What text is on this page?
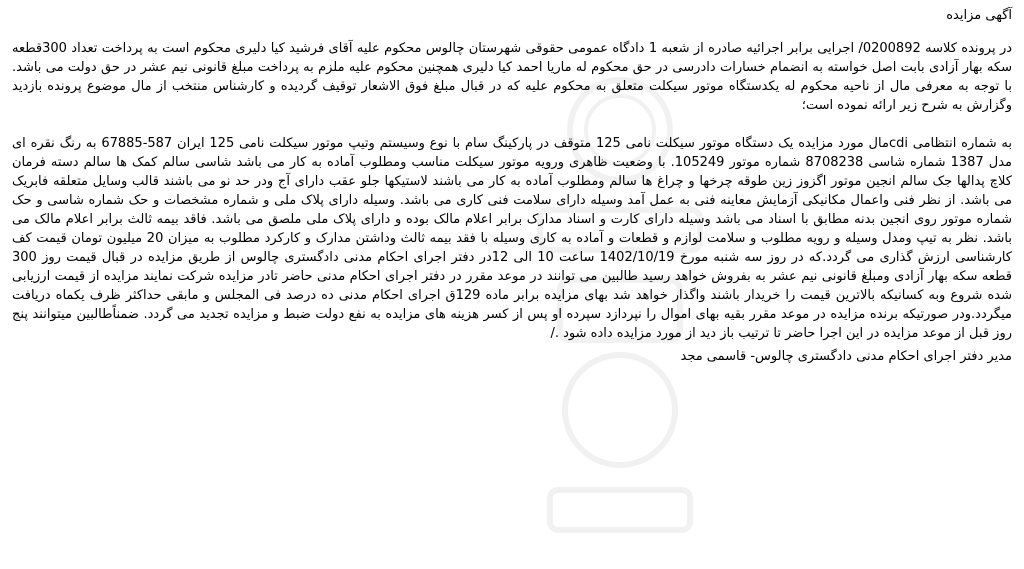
آگهی مزایده

در پرونده کلاسه 0200892/ اجرایی برابر اجرائیه صادره از شعبه 1 دادگاه عمومی حقوقی شهرستان چالوس محکوم علیه آقای فرشید کیا دلیری محکوم است به پرداخت تعداد 300قطعه سکه بهار آزادی بابت اصل خواسته به انضمام خسارات دادرسی در حق محکوم له ماریا احمد کیا دلیری همچنین محکوم علیه ملزم به پرداخت مبلغ قانونی نیم عشر در حق دولت می باشد. با توجه به معرفی مال از ناحیه محکوم له یکدستگاه موتور سیکلت متعلق به محکوم علیه که در قبال مبلغ فوق الاشعار توقیف گردیده و کارشناس منتخب از مال موضوع پرونده بازدید وگزارش به شرح زیر ارائه نموده است؛

به شماره انتظامی cdiمال مورد مزایده یک دستگاه موتور سیکلت نامی 125 متوقف در پارکینگ سام با نوع وسیستم وتیپ موتور سیکلت نامی 125 ایران 587-67885 به رنگ نقره ای مدل 1387 شماره شاسی 8708238 شماره موتور 105249. با وضعیت ظاهری ورویه موتور سیکلت مناسب ومطلوب آماده به کار می باشد شاسی سالم کمک ها سالم دسته فرمان کلاچ پدالها جک سالم انجین موتور اگزوز زین طوقه چرخها و چراغ ها سالم ومطلوب آماده به کار می باشند لاستیکها جلو عقب دارای آج ودر حد نو می باشند قالب وسایل متعلقه فابریک می باشد. از نظر فنی واعمال مکانیکی آزمایش معاینه فنی به عمل آمد وسیله دارای سلامت فنی کاری می باشد. وسیله دارای پلاک ملی و شماره مشخصات و حک شماره شاسی و حک شماره موتور روی انجین بدنه مطابق با اسناد می باشد وسیله دارای کارت و اسناد مدارک برابر اعلام مالک بوده و دارای پلاک ملی ملصق می باشد. فاقد بیمه ثالث برابر اعلام مالک می باشد. نظر به تیپ ومدل وسیله و رویه مطلوب و سلامت لوازم و قطعات و آماده به کاری وسیله با فقد بیمه ثالث وداشتن مدارک و کارکرد مطلوب به میزان 20 میلیون تومان قیمت کف کارشناسی ارزش گذاری می گردد.که در روز سه شنبه مورخ 1402/10/19 ساعت 10 الی 12در دفتر اجرای احکام مدنی دادگستری چالوس از طریق مزایده در قبال قیمت روز 300 قطعه سکه بهار آزادی ومبلغ قانونی نیم عشر به بفروش خواهد رسید طالبین می توانند در موعد مقرر در دفتر اجرای احکام مدنی حاضر تادر مزایده شرکت نمایند مزایده از قیمت ارزیابی شده شروع وبه کسانیکه بالاترین قیمت را خریدار باشند واگذار خواهد شد بهای مزایده برابر ماده 129ق اجرای احکام مدنی ده درصد فی المجلس و مابقی حداکثر ظرف یکماه دریافت میگردد.ودر صورتیکه برنده مزایده در موعد مقرر بقیه بهای اموال را نپردازد سپرده او پس از کسر هزینه های مزایده به نفع دولت ضبط و مزایده تجدید می گردد. ضمناًطالبین میتوانند پنج روز قبل از موعد مزایده در این اجرا حاضر تا ترتیب باز دید از مورد مزایده داده شود ./

مدیر دفتر اجرای احکام مدنی دادگستری چالوس- قاسمی مجد
